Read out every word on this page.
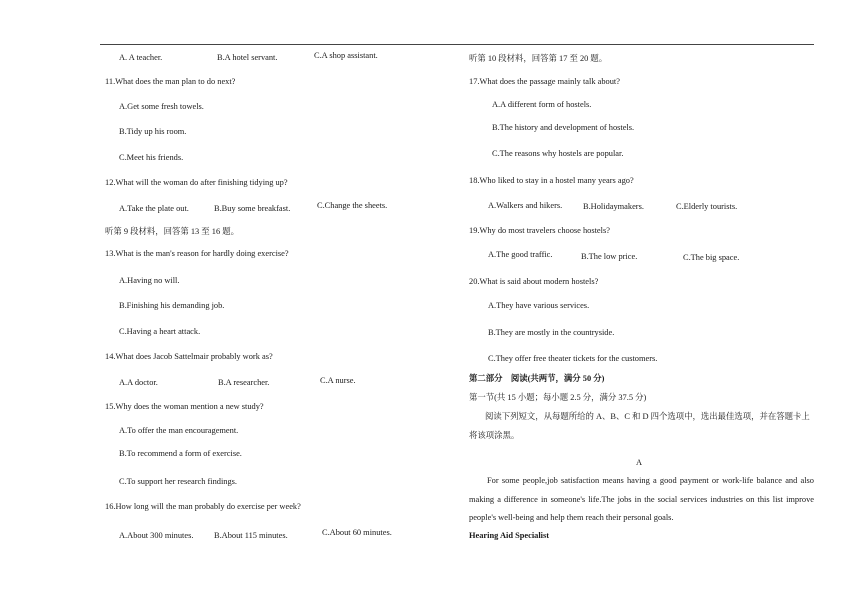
A. A teacher.	B.A hotel servant.	C.A shop assistant.
11.What does the man plan to do next?
A.Get some fresh towels.
B.Tidy up his room.
C.Meet his friends.
12.What will the woman do after finishing tidying up?
A.Take the plate out.	B.Buy some breakfast.	C.Change the sheets.
听第 9 段材料，回答第 13 至 16 题。
13.What is the man's reason for hardly doing exercise?
A.Having no will.
B.Finishing his demanding job.
C.Having a heart attack.
14.What does Jacob Sattelmair probably work as?
A.A doctor.	B.A researcher.	C.A nurse.
15.Why does the woman mention a new study?
A.To offer the man encouragement.
B.To recommend a form of exercise.
C.To support her research findings.
16.How long will the man probably do exercise per week?
A.About 300 minutes. B.About 115 minutes.	C.About 60 minutes.
听第 10 段材料，回答第 17 至 20 题。
17.What does the passage mainly talk about?
A.A different form of hostels.
B.The history and development of hostels.
C.The reasons why hostels are popular.
18.Who liked to stay in a hostel many years ago?
A.Walkers and hikers. B.Holidaymakers.	C.Elderly tourists.
19.Why do most travelers choose hostels?
A.The good traffic.	B.The low price.	C.The big space.
20.What is said about modern hostels?
A.They have various services.
B.They are mostly in the countryside.
C.They offer free theater tickets for the customers.
第二部分　阅读(共两节，满分 50 分)
第一节(共 15 小题；每小题 2.5 分，满分 37.5 分)
阅读下列短文，从每题所给的 A、B、C 和 D 四个选项中，选出最佳选项，并在答题卡上将该项涂黑。
A
For some people,job satisfaction means having a good payment or work-life balance and also making a difference in someone's life.The jobs in the social services industries on this list improve people's well-being and help them reach their personal goals.
Hearing Aid Specialist
